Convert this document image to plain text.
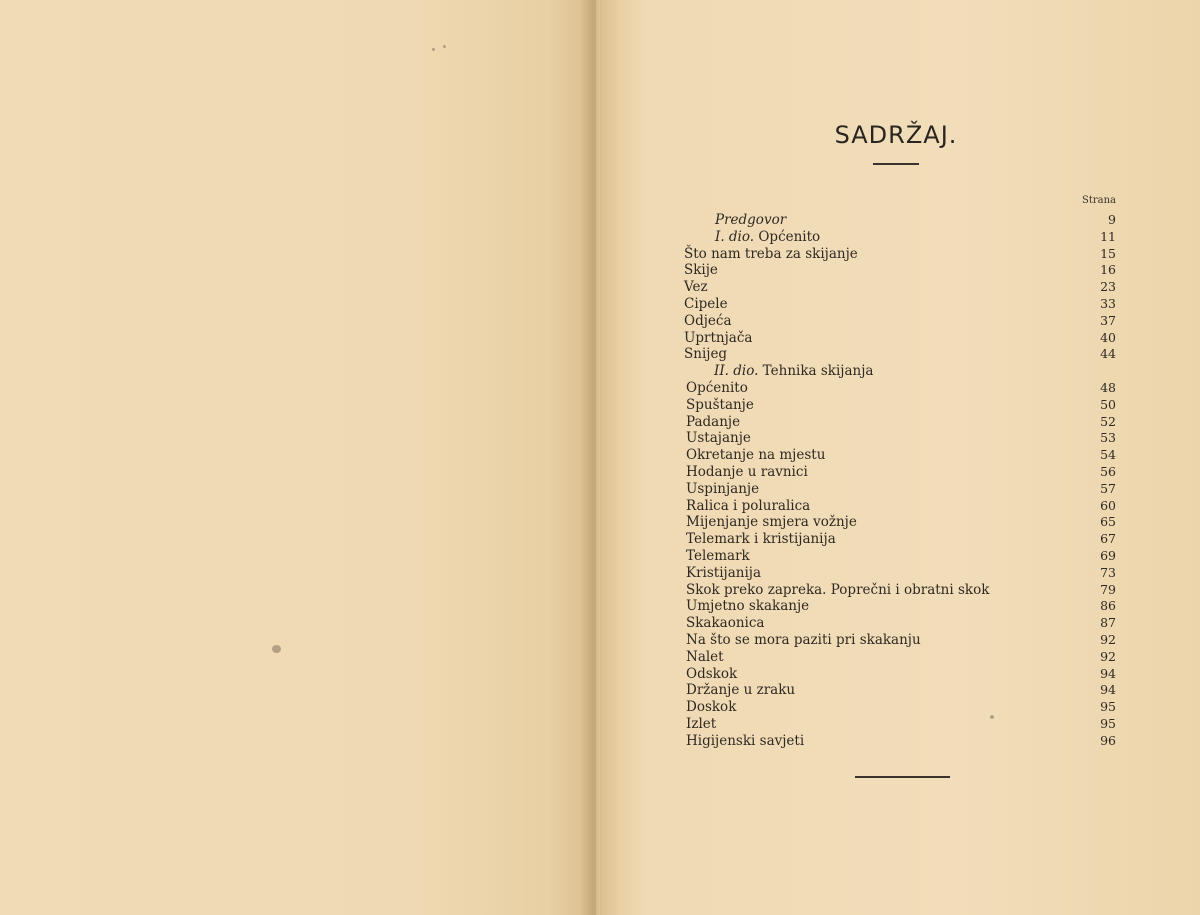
SADRŽAJ.
Strana
Predgovor	9
I. dio. Općenito	11
Što nam treba za skijanje	15
Skije	16
Vez	23
Cipele	33
Odjeća	37
Uprtnjača	40
Snijeg	44
II. dio. Tehnika skijanja
Općenito	48
Spuštanje	50
Padanje	52
Ustajanje	53
Okretanje na mjestu	54
Hodanje u ravnici	56
Uspinjanje	57
Ralica i poluralica	60
Mijenjanje smjera vožnje	65
Telemark i kristijanija	67
Telemark	69
Kristijanija	73
Skok preko zapreka. Poprečni i obratni skok	79
Umjetno skakanje	86
Skakaonica	87
Na što se mora paziti pri skakanju	92
Nalet	92
Odskok	94
Držanje u zraku	94
Doskok	95
Izlet	95
Higijenski savjeti	96
